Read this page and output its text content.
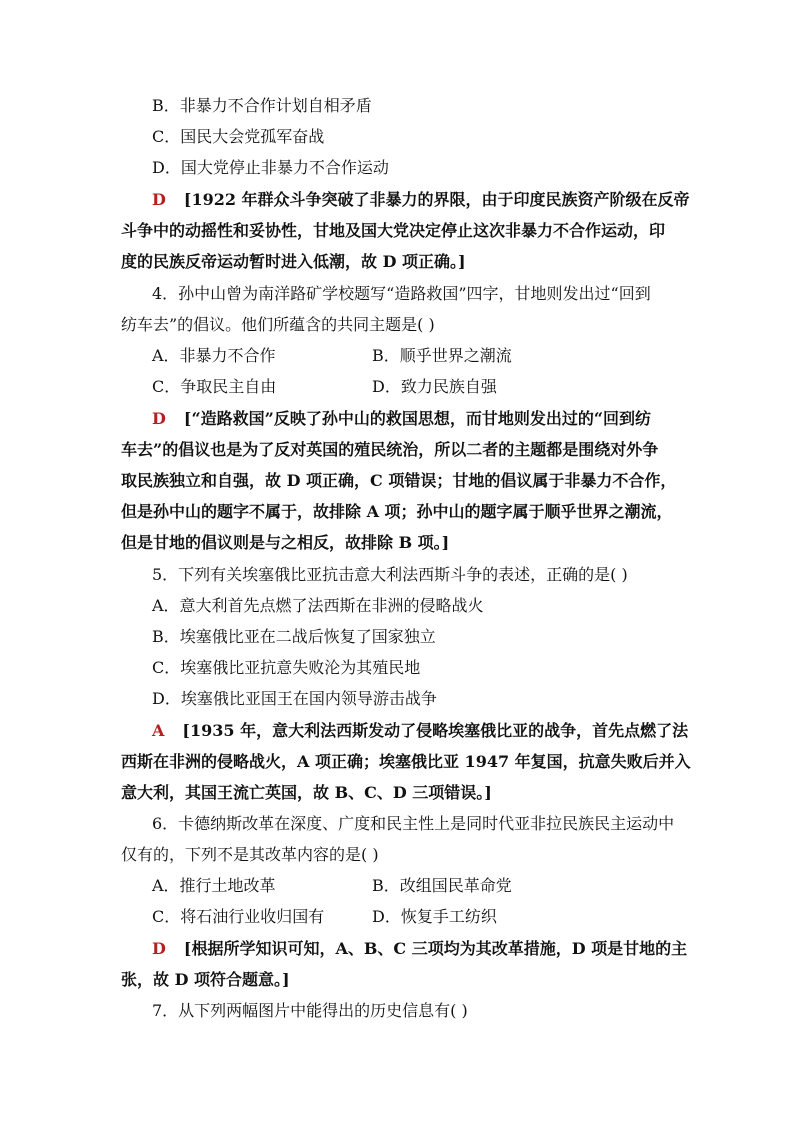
B．非暴力不合作计划自相矛盾
C．国民大会党孤军奋战
D．国大党停止非暴力不合作运动
D [1922 年群众斗争突破了非暴力的界限，由于印度民族资产阶级在反帝
斗争中的动摇性和妥协性，甘地及国大党决定停止这次非暴力不合作运动，印
度的民族反帝运动暂时进入低潮，故 D 项正确。]
4．孙中山曾为南洋路矿学校题写“造路救国”四字，甘地则发出过“回到
纺车去”的倡议。他们所蕴含的共同主题是( )
A．非暴力不合作	B．顺乎世界之潮流
C．争取民主自由	D．致力民族自强
D [“造路救国”反映了孙中山的救国思想，而甘地则发出过的“回到纺
车去”的倡议也是为了反对英国的殖民统治，所以二者的主题都是围绕对外争
取民族独立和自强，故 D 项正确，C 项错误；甘地的倡议属于非暴力不合作，
但是孙中山的题字不属于，故排除 A 项；孙中山的题字属于顺乎世界之潮流，
但是甘地的倡议则是与之相反，故排除 B 项。]
5．下列有关埃塞俄比亚抗击意大利法西斯斗争的表述，正确的是( )
A．意大利首先点燃了法西斯在非洲的侵略战火
B．埃塞俄比亚在二战后恢复了国家独立
C．埃塞俄比亚抗意失败沦为其殖民地
D．埃塞俄比亚国王在国内领导游击战争
A [1935 年，意大利法西斯发动了侵略埃塞俄比亚的战争，首先点燃了法
西斯在非洲的侵略战火，A 项正确；埃塞俄比亚 1947 年复国，抗意失败后并入
意大利，其国王流亡英国，故 B、C、D 三项错误。]
6．卡德纳斯改革在深度、广度和民主性上是同时代亚非拉民族民主运动中
仅有的，下列不是其改革内容的是( )
A．推行土地改革	B．改组国民革命党
C．将石油行业收归国有	D．恢复手工纺织
D [根据所学知识可知，A、B、C 三项均为其改革措施，D 项是甘地的主
张，故 D 项符合题意。]
7．从下列两幅图片中能得出的历史信息有( )
